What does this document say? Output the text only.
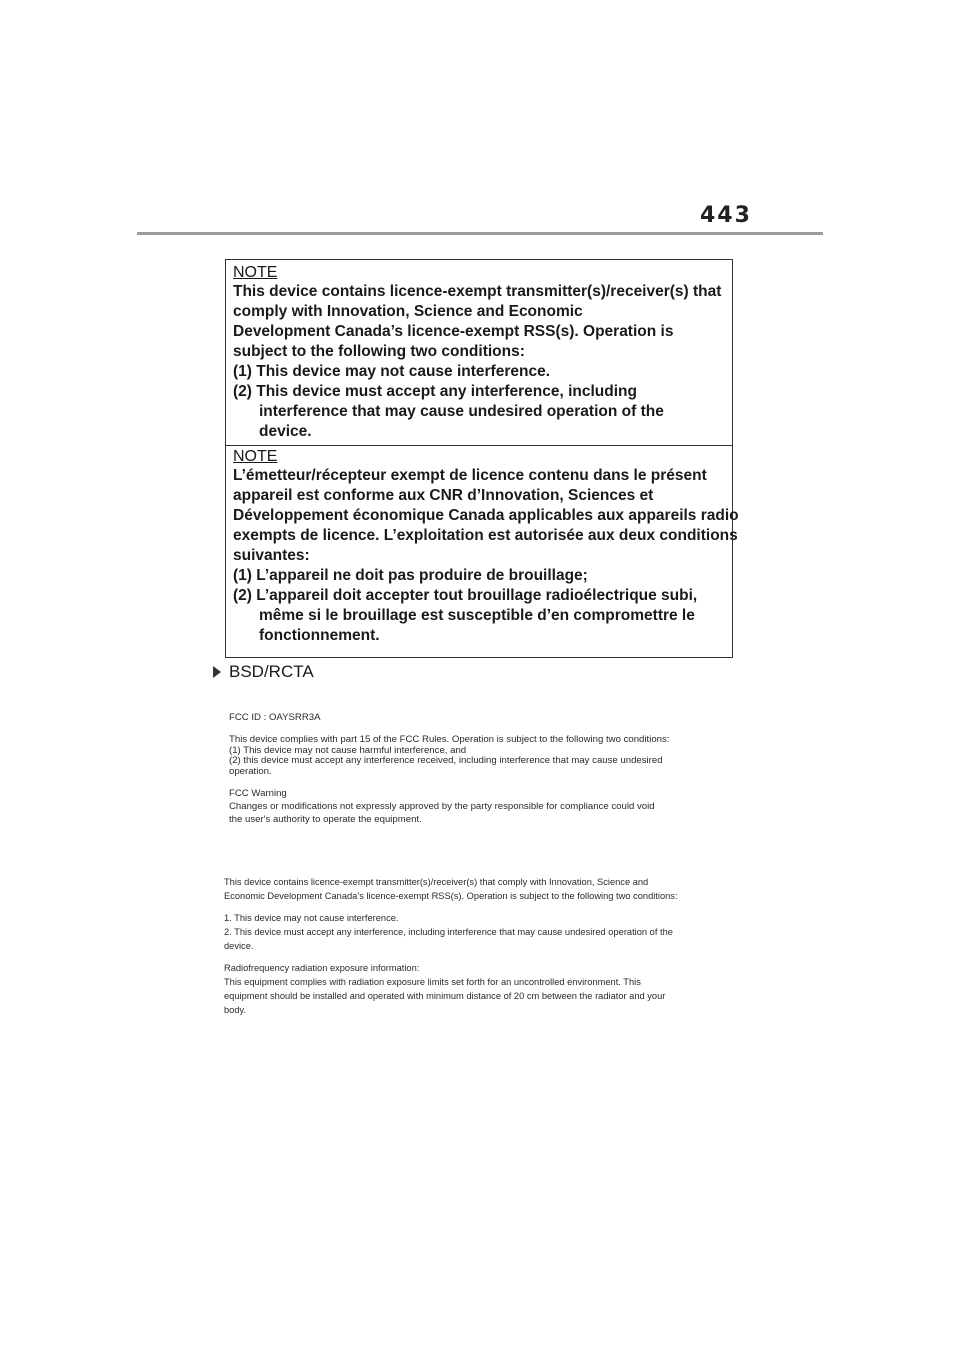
443
NOTE
This device contains licence-exempt transmitter(s)/receiver(s) that
comply with Innovation, Science and Economic
Development Canada’s licence-exempt RSS(s). Operation is
subject to the following two conditions:
(1) This device may not cause interference.
(2) This device must accept any interference, including
interference that may cause undesired operation of the
device.
NOTE
L’émetteur/récepteur exempt de licence contenu dans le présent
appareil est conforme aux CNR d’Innovation, Sciences et
Développement économique Canada applicables aux appareils radio
exempts de licence. L’exploitation est autorisée aux deux conditions
suivantes:
(1) L’appareil ne doit pas produire de brouillage;
(2) L’appareil doit accepter tout brouillage radioélectrique subi,
même si le brouillage est susceptible d’en compromettre le
fonctionnement.
BSD/RCTA
FCC ID : OAYSRR3A
This device complies with part 15 of the FCC Rules. Operation is subject to the following two conditions:
(1) This device may not cause harmful interference, and
(2) this device must accept any interference received, including interference that may cause undesired
operation.
FCC Warning
Changes or modifications not expressly approved by the party responsible for compliance could void
the user's authority to operate the equipment.
This device contains licence-exempt transmitter(s)/receiver(s) that comply with Innovation, Science and
Economic Development Canada’s licence-exempt RSS(s). Operation is subject to the following two conditions:
1. This device may not cause interference.
2. This device must accept any interference, including interference that may cause undesired operation of the
device.
Radiofrequency radiation exposure information:
This equipment complies with radiation exposure limits set forth for an uncontrolled environment. This
equipment should be installed and operated with minimum distance of 20 cm between the radiator and your
body.
